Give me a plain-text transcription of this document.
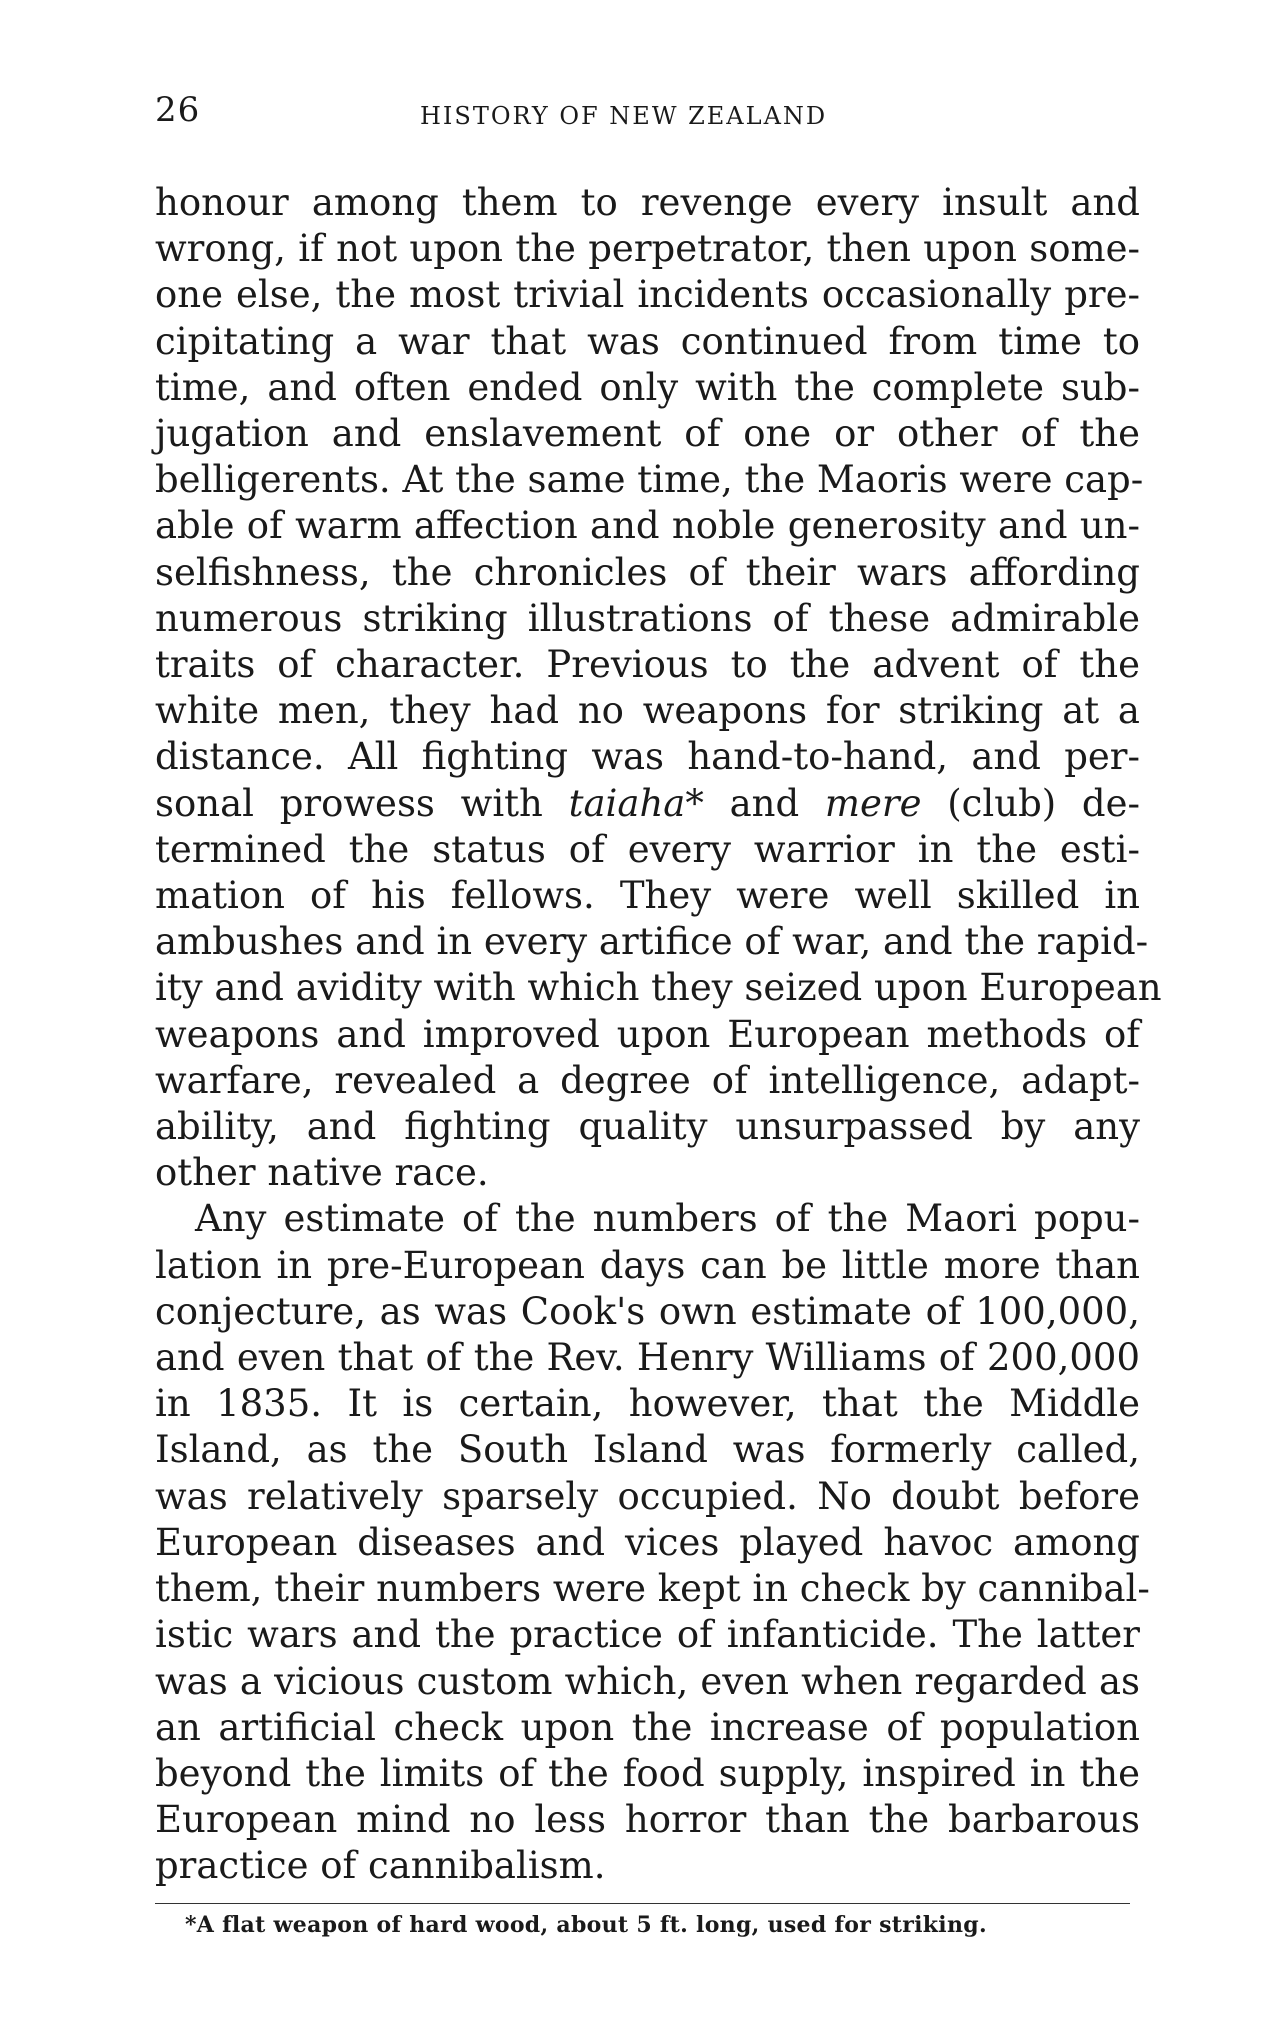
26	HISTORY OF NEW ZEALAND

honour among them to revenge every insult and
wrong, if not upon the perpetrator, then upon some-
one else, the most trivial incidents occasionally pre-
cipitating a war that was continued from time to
time, and often ended only with the complete sub-
jugation and enslavement of one or other of the
belligerents. At the same time, the Maoris were cap-
able of warm affection and noble generosity and un-
selfishness, the chronicles of their wars affording
numerous striking illustrations of these admirable
traits of character. Previous to the advent of the
white men, they had no weapons for striking at a
distance. All fighting was hand-to-hand, and per-
sonal prowess with taiaha* and mere (club) de-
termined the status of every warrior in the esti-
mation of his fellows. They were well skilled in
ambushes and in every artifice of war, and the rapid-
ity and avidity with which they seized upon European
weapons and improved upon European methods of
warfare, revealed a degree of intelligence, adapt-
ability, and fighting quality unsurpassed by any
other native race.

Any estimate of the numbers of the Maori popu-
lation in pre-European days can be little more than
conjecture, as was Cook's own estimate of 100,000,
and even that of the Rev. Henry Williams of 200,000
in 1835. It is certain, however, that the Middle
Island, as the South Island was formerly called,
was relatively sparsely occupied. No doubt before
European diseases and vices played havoc among
them, their numbers were kept in check by cannibal-
istic wars and the practice of infanticide. The latter
was a vicious custom which, even when regarded as
an artificial check upon the increase of population
beyond the limits of the food supply, inspired in the
European mind no less horror than the barbarous
practice of cannibalism.

*A flat weapon of hard wood, about 5 ft. long, used for striking.
